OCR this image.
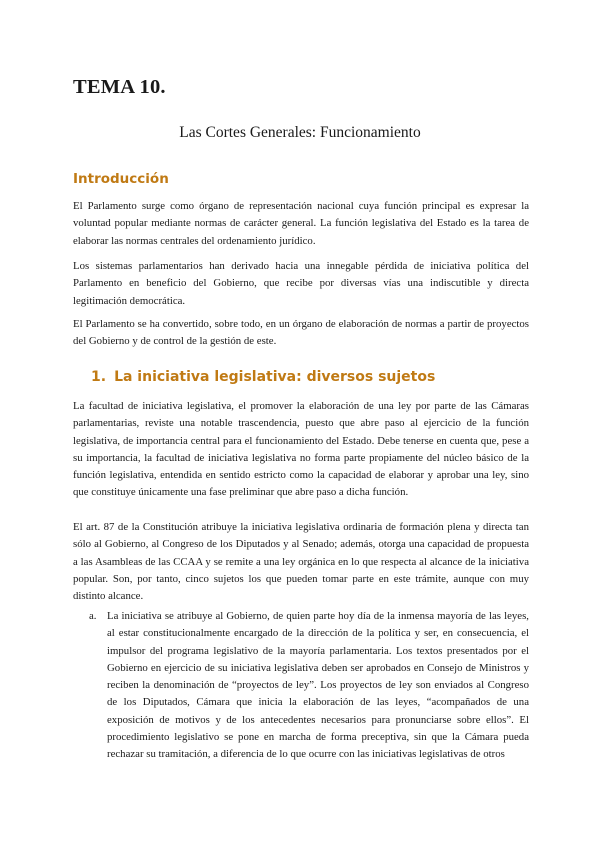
TEMA 10.
Las Cortes Generales: Funcionamiento
Introducción

El Parlamento surge como órgano de representación nacional cuya función principal es expresar la voluntad popular mediante normas de carácter general. La función legislativa del Estado es la tarea de elaborar las normas centrales del ordenamiento jurídico.

Los sistemas parlamentarios han derivado hacia una innegable pérdida de iniciativa política del Parlamento en beneficio del Gobierno, que recibe por diversas vías una indiscutible y directa legitimación democrática.

El Parlamento se ha convertido, sobre todo, en un órgano de elaboración de normas a partir de proyectos del Gobierno y de control de la gestión de este.

1. La iniciativa legislativa: diversos sujetos

La facultad de iniciativa legislativa, el promover la elaboración de una ley por parte de las Cámaras parlamentarias, reviste una notable trascendencia, puesto que abre paso al ejercicio de la función legislativa, de importancia central para el funcionamiento del Estado. Debe tenerse en cuenta que, pese a su importancia, la facultad de iniciativa legislativa no forma parte propiamente del núcleo básico de la función legislativa, entendida en sentido estricto como la capacidad de elaborar y aprobar una ley, sino que constituye únicamente una fase preliminar que abre paso a dicha función.

El art. 87 de la Constitución atribuye la iniciativa legislativa ordinaria de formación plena y directa tan sólo al Gobierno, al Congreso de los Diputados y al Senado; además, otorga una capacidad de propuesta a las Asambleas de las CCAA y se remite a una ley orgánica en lo que respecta al alcance de la iniciativa popular. Son, por tanto, cinco sujetos los que pueden tomar parte en este trámite, aunque con muy distinto alcance.

a. La iniciativa se atribuye al Gobierno, de quien parte hoy día de la inmensa mayoría de las leyes, al estar constitucionalmente encargado de la dirección de la política y ser, en consecuencia, el impulsor del programa legislativo de la mayoría parlamentaria. Los textos presentados por el Gobierno en ejercicio de su iniciativa legislativa deben ser aprobados en Consejo de Ministros y reciben la denominación de “proyectos de ley”. Los proyectos de ley son enviados al Congreso de los Diputados, Cámara que inicia la elaboración de las leyes, “acompañados de una exposición de motivos y de los antecedentes necesarios para pronunciarse sobre ellos”. El procedimiento legislativo se pone en marcha de forma preceptiva, sin que la Cámara pueda rechazar su tramitación, a diferencia de lo que ocurre con las iniciativas legislativas de otros
